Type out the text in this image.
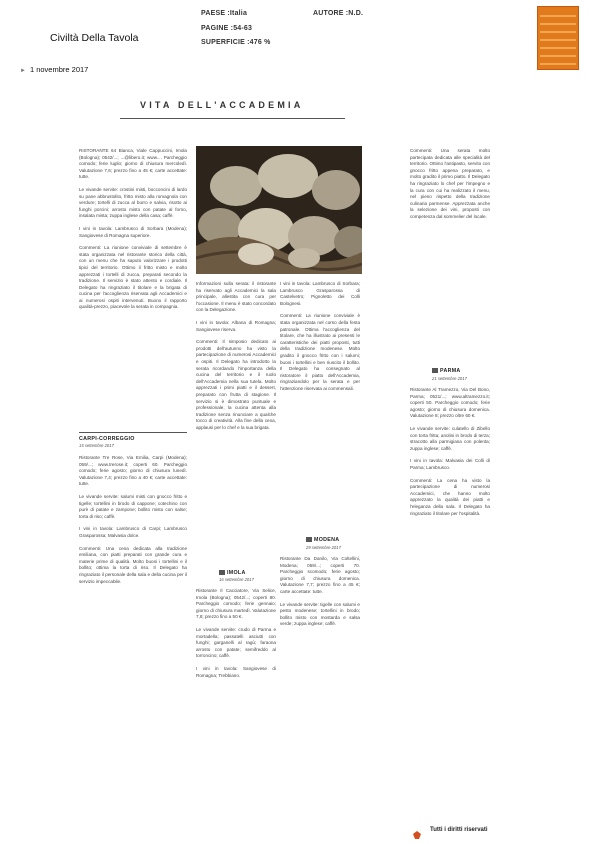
Civiltà Della Tavola
PAESE :Italia
PAGINE :54-63
SUPERFICIE :476 %
AUTORE :N.D.
► 1 novembre 2017
VITA DELL'ACCADEMIA

RISTORANTE 64 Bianca, Viale Cappuccini, Imola (Bologna); 0542/...; ...@libero.it; www.... Parcheggio comodo; ferie luglio; giorno di chiusura mercoledì. Valutazione 7,6; prezzo fino a 45 €; carte accettate: tutte.

Le vivande servite: crostini misti, bocconcini di lardo su pane abbrustolito, fritto misto alla romagnola con verdure; tortelli di zucca al burro e salvia, risotto ai funghi porcini; arrosto misto con patate al forno, insalata mista; zuppa inglese della casa; caffè.

I vini in tavola: Lambrusco di Sorbara (Modena); Sangiovese di Romagna superiore.

Commenti: La riunione conviviale di settembre è stata organizzata nel ristorante storico della città, con un menu che ha saputo valorizzare i prodotti tipici del territorio. Ottimo il fritto misto e molto apprezzati i tortelli di zucca, preparati secondo la tradizione. Il servizio è stato attento e cordiale. Il Delegato ha ringraziato il titolare e la brigata di cucina per l'accoglienza riservata agli Accademici e ai numerosi ospiti intervenuti. Buono il rapporto qualità-prezzo, piacevole la serata in compagnia.

CARPI-CORREGGIO
15 settembre 2017

Ristorante Tre Rose, Via Emilia, Carpi (Modena); 059/...; www.trerose.it; coperti 60. Parcheggio comodo; ferie agosto; giorno di chiusura lunedì. Valutazione 7,4; prezzo fino a 40 €; carte accettate: tutte.

Le vivande servite: salumi misti con gnocco fritto e tigelle; tortellini in brodo di cappone; cotechino con purè di patate e zampone; bollito misto con salse; torta di riso; caffè.

I vini in tavola: Lambrusco di Carpi; Lambrusco Grasparossa; Malvasia dolce.

Commenti: Una cena dedicata alla tradizione emiliana, con piatti preparati con grande cura e materie prime di qualità. Molto buoni i tortellini e il bollito; ottima la torta di riso. Il Delegato ha ringraziato il personale della sala e della cucina per il servizio impeccabile.

Informazioni sulla serata: il ristorante ha riservato agli Accademici la sala principale, allestita con cura per l'occasione. Il menu è stato concordato con la Delegazione.

I vini in tavola: Albana di Romagna; Sangiovese riserva.

Commenti: Il simposio dedicato ai prodotti dell'autunno ha visto la partecipazione di numerosi Accademici e ospiti. Il Delegato ha introdotto la serata ricordando l'importanza della cucina del territorio e il ruolo dell'Accademia nella sua tutela. Molto apprezzati i primi piatti e il dessert, preparato con frutta di stagione. Il servizio si è dimostrato puntuale e professionale, la cucina attenta alla tradizione senza rinunciare a qualche tocco di creatività. Alla fine della cena, applausi per lo chef e la sua brigata.

IMOLA
16 settembre 2017

Ristorante Il Cacciatore, Via Selice, Imola (Bologna); 0542/...; coperti 80. Parcheggio comodo; ferie gennaio; giorno di chiusura martedì. Valutazione 7,8; prezzo fino a 50 €.

Le vivande servite: crudo di Parma e mortadella; passatelli asciutti con funghi; garganelli al ragù; faraona arrosto con patate; semifreddo al torroncino; caffè.

I vini in tavola: Sangiovese di Romagna; Trebbiano.

I vini in tavola: Lambrusco di Sorbara; Lambrusco Grasparossa di Castelvetro; Pignoletto dei Colli Bolognesi.

Commenti: La riunione conviviale è stata organizzata nel corso della festa patronale. Ottima l'accoglienza del titolare, che ha illustrato ai presenti le caratteristiche dei piatti proposti, tutti della tradizione modenese. Molto gradito il gnocco fritto con i salumi; buoni i tortellini e ben riuscito il bollito. Il Delegato ha consegnato al ristoratore il piatto dell'Accademia, ringraziandolo per la serata e per l'attenzione riservata ai commensali.

MODENA
29 settembre 2017

Ristorante Da Danilo, Via Coltellini, Modena; 059/...; coperti 70. Parcheggio scomodo; ferie agosto; giorno di chiusura domenica. Valutazione 7,7; prezzo fino a 45 €; carte accettate: tutte.

Le vivande servite: tigelle con salumi e pesto modenese; tortellini in brodo; bollito misto con mostarda e salsa verde; zuppa inglese; caffè.

Commenti: Una serata molto partecipata dedicata alle specialità del territorio. Ottimo l'antipasto, servito con gnocco fritto appena preparato, e molto gradito il primo piatto. Il Delegato ha ringraziato lo chef per l'impegno e la cura con cui ha realizzato il menu, nel pieno rispetto della tradizione culinaria parmense. Apprezzata anche la selezione dei vini, proposti con competenza dal sommelier del locale.

PARMA
21 settembre 2017

Ristorante Al Tramezzo, Via Del Bono, Parma; 0521/...; www.altramezzo.it; coperti 50. Parcheggio comodo; ferie agosto; giorno di chiusura domenica. Valutazione 8; prezzo oltre 60 €.

Le vivande servite: culatello di Zibello con torta fritta; anolini in brodo di terza; stracotto alla parmigiana con polenta; zuppa inglese; caffè.

I vini in tavola: Malvasia dei Colli di Parma; Lambrusco.

Commenti: La cena ha visto la partecipazione di numerosi Accademici, che hanno molto apprezzato la qualità dei piatti e l'eleganza della sala. Il Delegato ha ringraziato il titolare per l'ospitalità.

Tutti i diritti riservati
